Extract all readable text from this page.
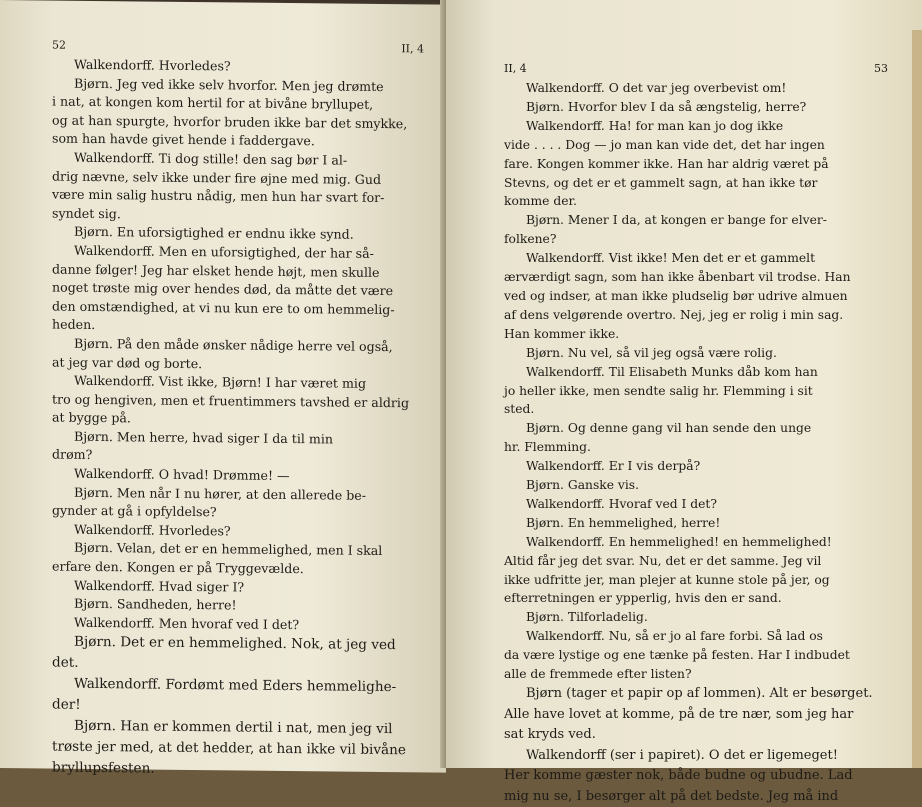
52	II, 4
Walkendorff. Hvorledes?
Bjørn. Jeg ved ikke selv hvorfor. Men jeg drømte
i nat, at kongen kom hertil for at bivåne bryllupet,
og at han spurgte, hvorfor bruden ikke bar det smykke,
som han havde givet hende i faddergave.
Walkendorff. Ti dog stille! den sag bør I al-
drig nævne, selv ikke under fire øjne med mig. Gud
være min salig hustru nådig, men hun har svart for-
syndet sig.
Bjørn. En uforsigtighed er endnu ikke synd.
Walkendorff. Men en uforsigtighed, der har så-
danne følger! Jeg har elsket hende højt, men skulle
noget trøste mig over hendes død, da måtte det være
den omstændighed, at vi nu kun ere to om hemmelig-
heden.
Bjørn. På den måde ønsker nådige herre vel også,
at jeg var død og borte.
Walkendorff. Vist ikke, Bjørn! I har været mig
tro og hengiven, men et fruentimmers tavshed er aldrig
at bygge på.
Bjørn. Men herre, hvad siger I da til min
drøm?
Walkendorff. O hvad! Drømme! —
Bjørn. Men når I nu hører, at den allerede be-
gynder at gå i opfyldelse?
Walkendorff. Hvorledes?
Bjørn. Velan, det er en hemmelighed, men I skal
erfare den. Kongen er på Tryggevælde.
Walkendorff. Hvad siger I?
Bjørn. Sandheden, herre!
Walkendorff. Men hvoraf ved I det?
Bjørn. Det er en hemmelighed. Nok, at jeg ved
det.
Walkendorff. Fordømt med Eders hemmelighe-
der!
Bjørn. Han er kommen dertil i nat, men jeg vil
trøste jer med, at det hedder, at han ikke vil bivåne
bryllupsfesten.
II, 4	53
Walkendorff. O det var jeg overbevist om!
Bjørn. Hvorfor blev I da så ængstelig, herre?
Walkendorff. Ha! for man kan jo dog ikke
vide . . . . Dog — jo man kan vide det, det har ingen
fare. Kongen kommer ikke. Han har aldrig været på
Stevns, og det er et gammelt sagn, at han ikke tør
komme der.
Bjørn. Mener I da, at kongen er bange for elver-
folkene?
Walkendorff. Vist ikke! Men det er et gammelt
ærværdigt sagn, som han ikke åbenbart vil trodse. Han
ved og indser, at man ikke pludselig bør udrive almuen
af dens velgørende overtro. Nej, jeg er rolig i min sag.
Han kommer ikke.
Bjørn. Nu vel, så vil jeg også være rolig.
Walkendorff. Til Elisabeth Munks dåb kom han
jo heller ikke, men sendte salig hr. Flemming i sit
sted.
Bjørn. Og denne gang vil han sende den unge
hr. Flemming.
Walkendorff. Er I vis derpå?
Bjørn. Ganske vis.
Walkendorff. Hvoraf ved I det?
Bjørn. En hemmelighed, herre!
Walkendorff. En hemmelighed! en hemmelighed!
Altid får jeg det svar. Nu, det er det samme. Jeg vil
ikke udfritte jer, man plejer at kunne stole på jer, og
efterretningen er ypperlig, hvis den er sand.
Bjørn. Tilforladelig.
Walkendorff. Nu, så er jo al fare forbi. Så lad os
da være lystige og ene tænke på festen. Har I indbudet
alle de fremmede efter listen?
Bjørn (tager et papir op af lommen). Alt er besørget.
Alle have lovet at komme, på de tre nær, som jeg har
sat kryds ved.
Walkendorff (ser i papiret). O det er ligemeget!
Her komme gæster nok, både budne og ubudne. Lad
mig nu se, I besørger alt på det bedste. Jeg må ind
